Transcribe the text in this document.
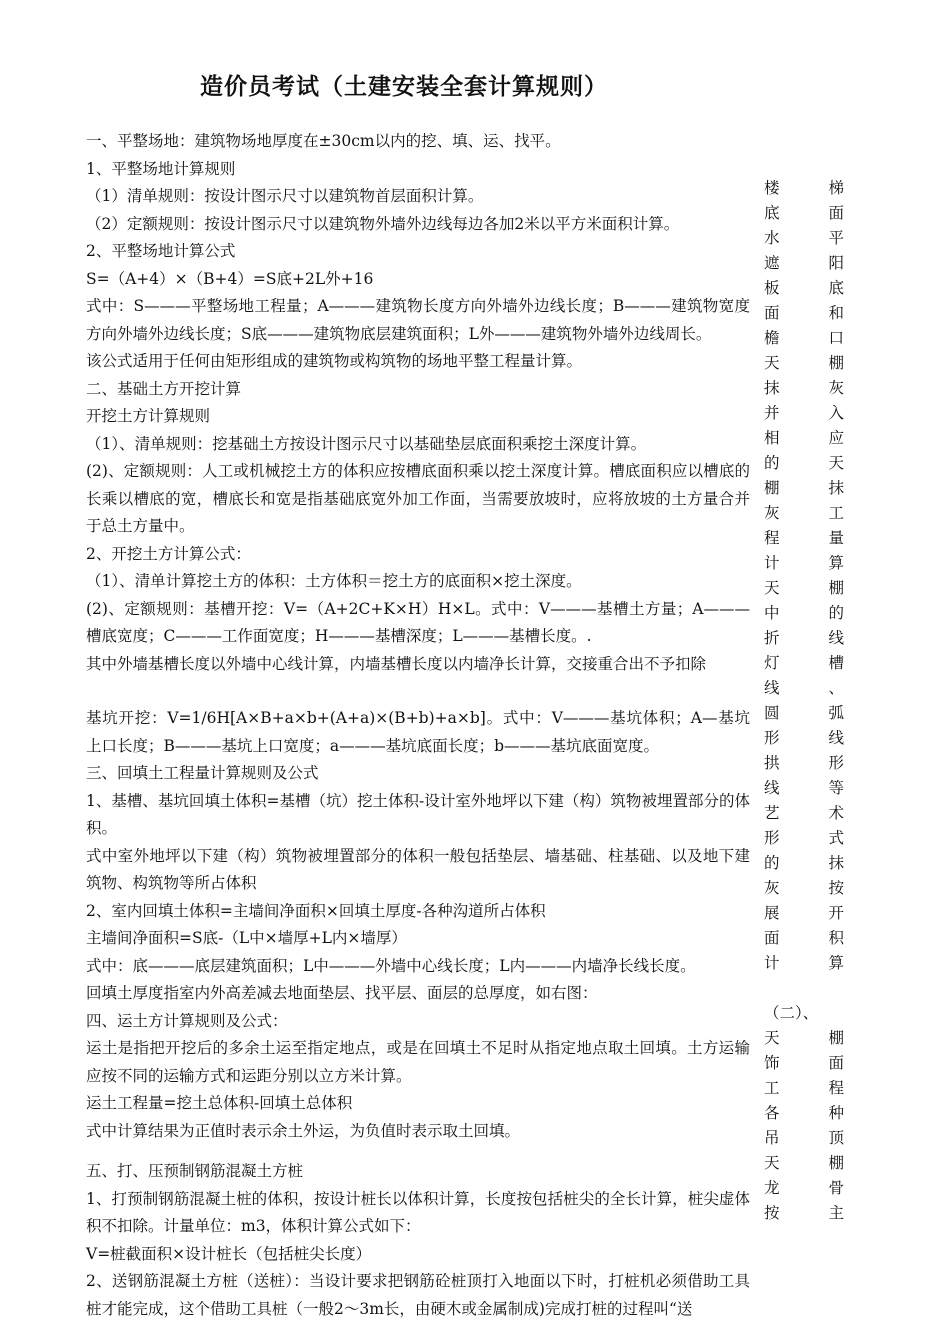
造价员考试（土建安装全套计算规则）

一、平整场地：建筑物场地厚度在±30cm以内的挖、填、运、找平。

1、平整场地计算规则

（1）清单规则：按设计图示尺寸以建筑物首层面积计算。

（2）定额规则：按设计图示尺寸以建筑物外墙外边线每边各加2米以平方米面积计算。

2、平整场地计算公式

S=（A+4）×（B+4）=S底+2L外+16

式中：S———平整场地工程量；A———建筑物长度方向外墙外边线长度；B———建筑物宽度方向外墙外边线长度；S底———建筑物底层建筑面积；L外———建筑物外墙外边线周长。

该公式适用于任何由矩形组成的建筑物或构筑物的场地平整工程量计算。

二、基础土方开挖计算

开挖土方计算规则

（1）、清单规则：挖基础土方按设计图示尺寸以基础垫层底面积乘挖土深度计算。

(2)、定额规则：人工或机械挖土方的体积应按槽底面积乘以挖土深度计算。槽底面积应以槽底的长乘以槽底的宽，槽底长和宽是指基础底宽外加工作面，当需要放坡时，应将放坡的土方量合并于总土方量中。

2、开挖土方计算公式：

（1）、清单计算挖土方的体积：土方体积＝挖土方的底面积×挖土深度。

(2)、定额规则：基槽开挖：V=（A+2C+K×H）H×L。式中：V———基槽土方量；A———槽底宽度；C———工作面宽度；H———基槽深度；L———基槽长度。.

其中外墙基槽长度以外墙中心线计算，内墙基槽长度以内墙净长计算，交接重合出不予扣除

基坑开挖：V=1/6H[A×B+a×b+(A+a)×(B+b)+a×b]。式中：V———基坑体积；A—基坑上口长度；B———基坑上口宽度；a———基坑底面长度；b———基坑底面宽度。

三、回填土工程量计算规则及公式

1、基槽、基坑回填土体积=基槽（坑）挖土体积-设计室外地坪以下建（构）筑物被埋置部分的体积。

式中室外地坪以下建（构）筑物被埋置部分的体积一般包括垫层、墙基础、柱基础、以及地下建筑物、构筑物等所占体积

2、室内回填土体积=主墙间净面积×回填土厚度-各种沟道所占体积

主墙间净面积=S底-（L中×墙厚+L内×墙厚）

式中：底———底层建筑面积；L中———外墙中心线长度；L内———内墙净长线长度。

回填土厚度指室内外高差减去地面垫层、找平层、面层的总厚度，如右图：

四、运土方计算规则及公式：

运土是指把开挖后的多余土运至指定地点，或是在回填土不足时从指定地点取土回填。土方运输应按不同的运输方式和运距分别以立方米计算。

运土工程量=挖土总体积-回填土总体积

式中计算结果为正值时表示余土外运，为负值时表示取土回填。

五、打、压预制钢筋混凝土方桩

1、打预制钢筋混凝土桩的体积，按设计桩长以体积计算，长度按包括桩尖的全长计算，桩尖虚体积不扣除。计量单位：m3，体积计算公式如下：

V=桩截面积×设计桩长（包括桩尖长度）

2、送钢筋混凝土方桩（送桩）：当设计要求把钢筋砼桩顶打入地面以下时，打桩机必须借助工具桩才能完成，这个借助工具桩（一般2～3m长，由硬木或金属制成)完成打桩的过程叫“送

楼	梯
底	面
水	平
遮	阳
板	底
面	和
檐	口
天	棚
抹	灰
并	入
相	应
的	天
棚	抹
灰	工
程	量
计	算
天	棚
中	的
折	线
灯	槽
线	、
圆	弧
形	线
拱	形
线	等
艺	术
形	式
的	抹
灰	按
展	开
面	积
计	算
（二）、
天	棚
饰	面
工	程
各	种
吊	顶
天	棚
龙	骨
按	主
